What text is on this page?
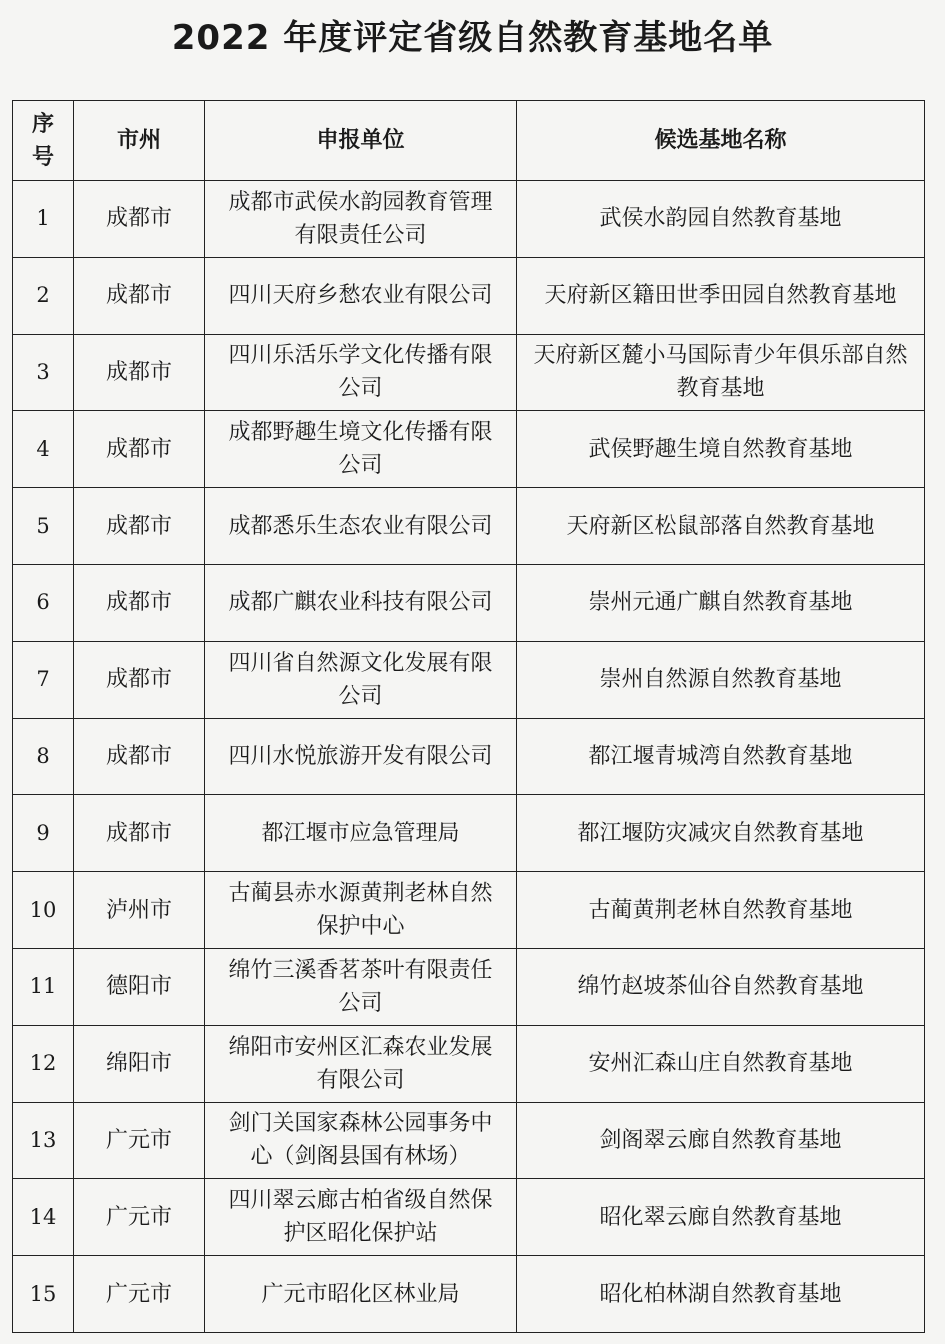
2022 年度评定省级自然教育基地名单
序号	市州	申报单位	候选基地名称
1	成都市	成都市武侯水韵园教育管理有限责任公司	武侯水韵园自然教育基地
2	成都市	四川天府乡愁农业有限公司	天府新区籍田世季田园自然教育基地
3	成都市	四川乐活乐学文化传播有限公司	天府新区麓小马国际青少年俱乐部自然教育基地
4	成都市	成都野趣生境文化传播有限公司	武侯野趣生境自然教育基地
5	成都市	成都悉乐生态农业有限公司	天府新区松鼠部落自然教育基地
6	成都市	成都广麒农业科技有限公司	崇州元通广麒自然教育基地
7	成都市	四川省自然源文化发展有限公司	崇州自然源自然教育基地
8	成都市	四川水悦旅游开发有限公司	都江堰青城湾自然教育基地
9	成都市	都江堰市应急管理局	都江堰防灾减灾自然教育基地
10	泸州市	古蔺县赤水源黄荆老林自然保护中心	古蔺黄荆老林自然教育基地
11	德阳市	绵竹三溪香茗茶叶有限责任公司	绵竹赵坡茶仙谷自然教育基地
12	绵阳市	绵阳市安州区汇森农业发展有限公司	安州汇森山庄自然教育基地
13	广元市	剑门关国家森林公园事务中心（剑阁县国有林场）	剑阁翠云廊自然教育基地
14	广元市	四川翠云廊古柏省级自然保护区昭化保护站	昭化翠云廊自然教育基地
15	广元市	广元市昭化区林业局	昭化柏林湖自然教育基地
